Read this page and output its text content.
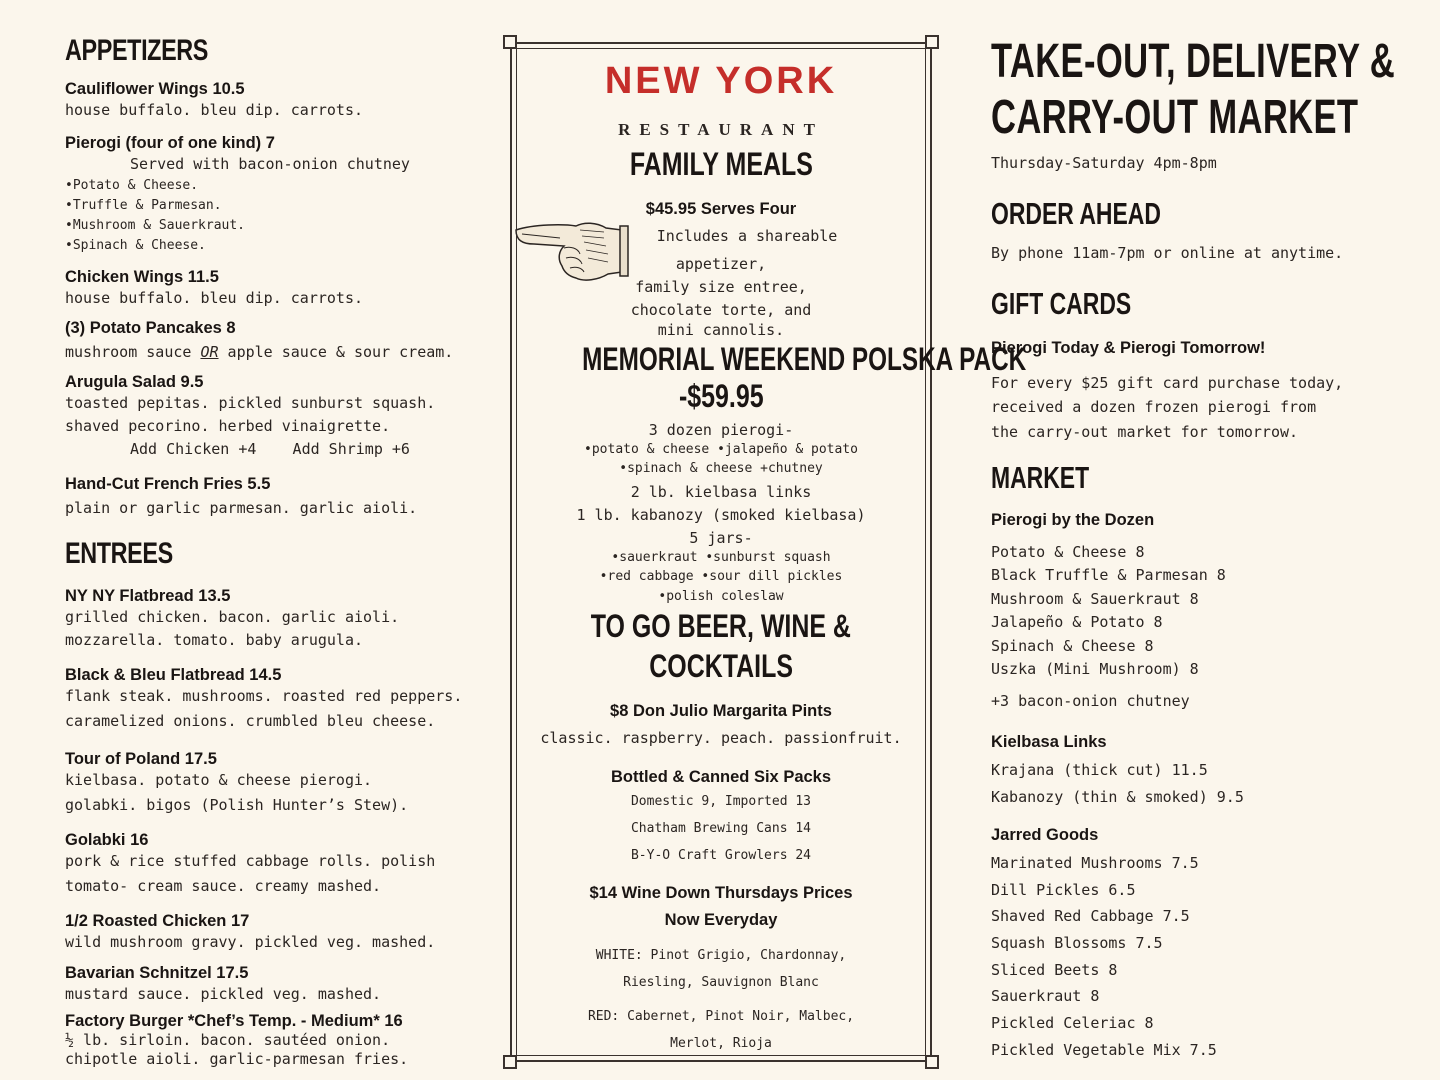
APPETIZERS
Cauliflower Wings 10.5
house buffalo. bleu dip. carrots.
Pierogi (four of one kind) 7
Served with bacon-onion chutney
•Potato & Cheese.
•Truffle & Parmesan.
•Mushroom & Sauerkraut.
•Spinach & Cheese.
Chicken Wings 11.5
house buffalo. bleu dip. carrots.
(3) Potato Pancakes 8
mushroom sauce OR apple sauce & sour cream.
Arugula Salad 9.5
toasted pepitas. pickled sunburst squash.
shaved pecorino. herbed vinaigrette.
Add Chicken +4    Add Shrimp +6
Hand-Cut French Fries 5.5
plain or garlic parmesan. garlic aioli.
ENTREES
NY NY Flatbread 13.5
grilled chicken. bacon. garlic aioli.
mozzarella. tomato. baby arugula.
Black & Bleu Flatbread 14.5
flank steak. mushrooms. roasted red peppers.
caramelized onions. crumbled bleu cheese.
Tour of Poland 17.5
kielbasa. potato & cheese pierogi.
golabki. bigos (Polish Hunter’s Stew).
Golabki 16
pork & rice stuffed cabbage rolls. polish
tomato- cream sauce. creamy mashed.
1/2 Roasted Chicken 17
wild mushroom gravy. pickled veg. mashed.
Bavarian Schnitzel 17.5
mustard sauce. pickled veg. mashed.
Factory Burger *Chef’s Temp. - Medium* 16
½ lb. sirloin. bacon. sautéed onion.
chipotle aioli. garlic-parmesan fries.
NEW YORK
RESTAURANT
FAMILY MEALS
$45.95 Serves Four
Includes a shareable
appetizer,
family size entree,
chocolate torte, and
mini cannolis.
MEMORIAL WEEKEND POLSKA PACK
-$59.95
3 dozen pierogi-
•potato & cheese •jalapeño & potato
•spinach & cheese +chutney
2 lb. kielbasa links
1 lb. kabanozy (smoked kielbasa)
5 jars-
•sauerkraut •sunburst squash
•red cabbage •sour dill pickles
•polish coleslaw
TO GO BEER, WINE &
COCKTAILS
$8 Don Julio Margarita Pints
classic. raspberry. peach. passionfruit.
Bottled & Canned Six Packs
Domestic 9, Imported 13
Chatham Brewing Cans 14
B-Y-O Craft Growlers 24
$14 Wine Down Thursdays Prices
Now Everyday
WHITE: Pinot Grigio, Chardonnay,
Riesling, Sauvignon Blanc
RED: Cabernet, Pinot Noir, Malbec,
Merlot, Rioja
TAKE-OUT, DELIVERY &
CARRY-OUT MARKET
Thursday-Saturday 4pm-8pm
ORDER AHEAD
By phone 11am-7pm or online at anytime.
GIFT CARDS
Pierogi Today & Pierogi Tomorrow!
For every $25 gift card purchase today,
received a dozen frozen pierogi from
the carry-out market for tomorrow.
MARKET
Pierogi by the Dozen
Potato & Cheese 8
Black Truffle & Parmesan 8
Mushroom & Sauerkraut 8
Jalapeño & Potato 8
Spinach & Cheese 8
Uszka (Mini Mushroom) 8
+3 bacon-onion chutney
Kielbasa Links
Krajana (thick cut) 11.5
Kabanozy (thin & smoked) 9.5
Jarred Goods
Marinated Mushrooms 7.5
Dill Pickles 6.5
Shaved Red Cabbage 7.5
Squash Blossoms 7.5
Sliced Beets 8
Sauerkraut 8
Pickled Celeriac 8
Pickled Vegetable Mix 7.5
